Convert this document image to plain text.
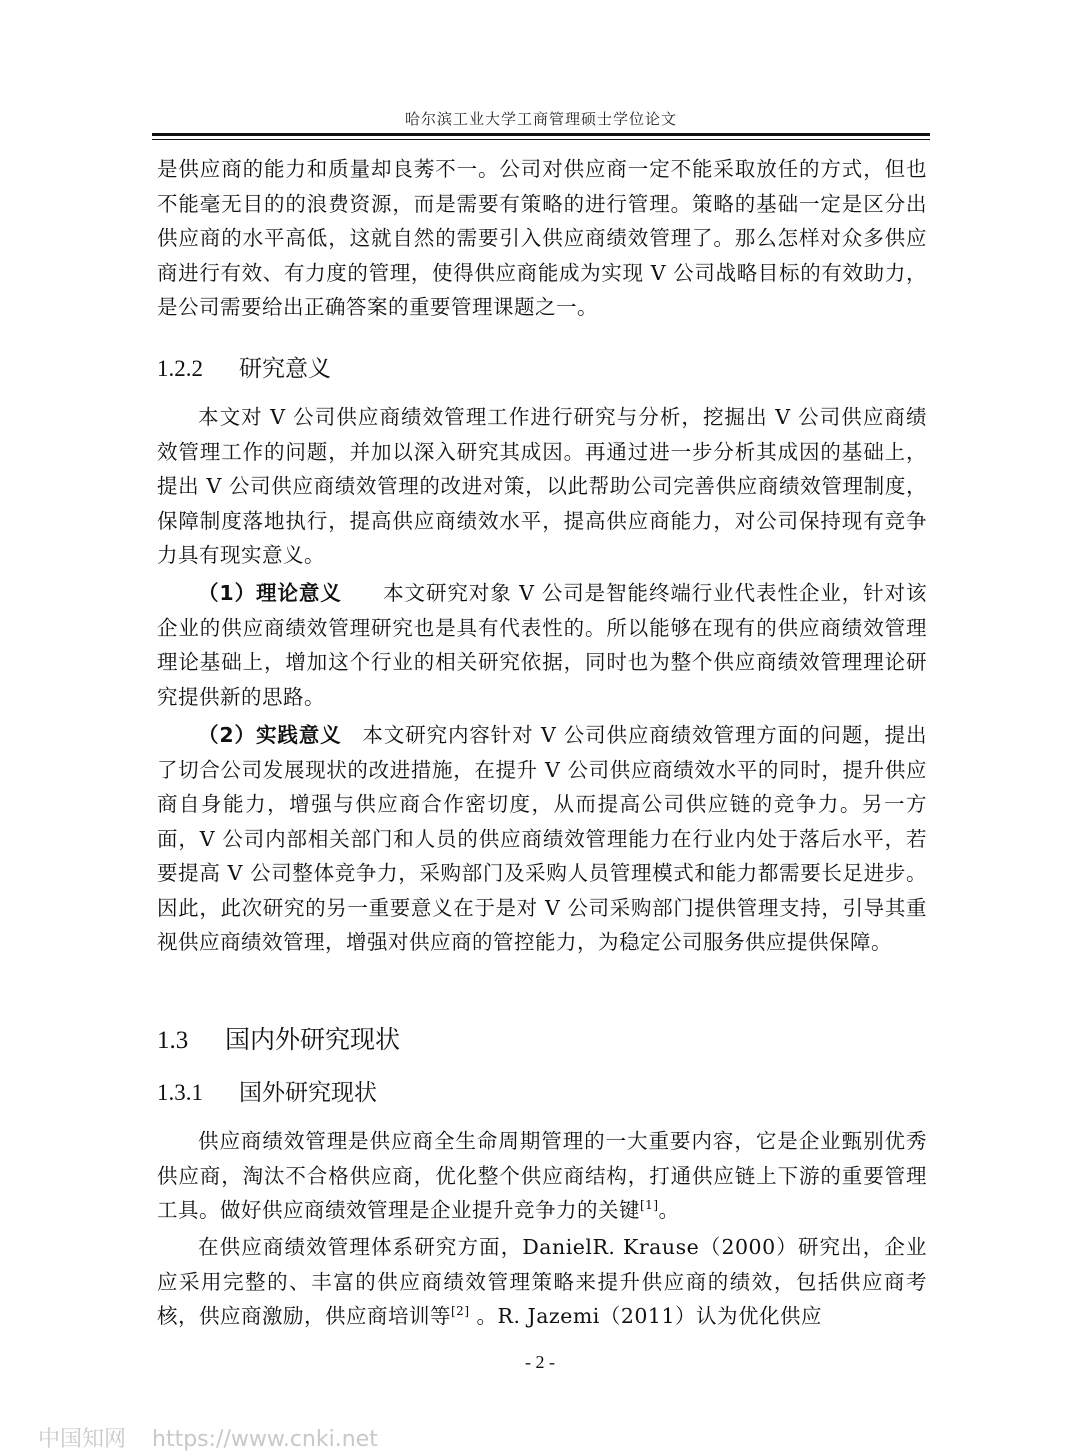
哈尔滨工业大学工商管理硕士学位论文

是供应商的能力和质量却良莠不一。公司对供应商一定不能采取放任的方式，但也不能毫无目的的浪费资源，而是需要有策略的进行管理。策略的基础一定是区分出供应商的水平高低，这就自然的需要引入供应商绩效管理了。那么怎样对众多供应商进行有效、有力度的管理，使得供应商能成为实现 V 公司战略目标的有效助力，是公司需要给出正确答案的重要管理课题之一。

1.2.2 研究意义

本文对 V 公司供应商绩效管理工作进行研究与分析，挖掘出 V 公司供应商绩效管理工作的问题，并加以深入研究其成因。再通过进一步分析其成因的基础上，提出 V 公司供应商绩效管理的改进对策，以此帮助公司完善供应商绩效管理制度，保障制度落地执行，提高供应商绩效水平，提高供应商能力，对公司保持现有竞争力具有现实意义。

（1）理论意义 本文研究对象 V 公司是智能终端行业代表性企业，针对该企业的供应商绩效管理研究也是具有代表性的。所以能够在现有的供应商绩效管理理论基础上，增加这个行业的相关研究依据，同时也为整个供应商绩效管理理论研究提供新的思路。

（2）实践意义 本文研究内容针对 V 公司供应商绩效管理方面的问题，提出了切合公司发展现状的改进措施，在提升 V 公司供应商绩效水平的同时，提升供应商自身能力，增强与供应商合作密切度，从而提高公司供应链的竞争力。另一方面，V 公司内部相关部门和人员的供应商绩效管理能力在行业内处于落后水平，若要提高 V 公司整体竞争力，采购部门及采购人员管理模式和能力都需要长足进步。因此，此次研究的另一重要意义在于是对 V 公司采购部门提供管理支持，引导其重视供应商绩效管理，增强对供应商的管控能力，为稳定公司服务供应提供保障。

1.3 国内外研究现状
1.3.1 国外研究现状

供应商绩效管理是供应商全生命周期管理的一大重要内容，它是企业甄别优秀供应商，淘汰不合格供应商，优化整个供应商结构，打通供应链上下游的重要管理工具。做好供应商绩效管理是企业提升竞争力的关键[1]。

在供应商绩效管理体系研究方面，DanielR. Krause（2000）研究出，企业应采用完整的、丰富的供应商绩效管理策略来提升供应商的绩效，包括供应商考核，供应商激励，供应商培训等[2] 。R. Jazemi（2011）认为优化供应

- 2 -
中国知网 https://www.cnki.net
